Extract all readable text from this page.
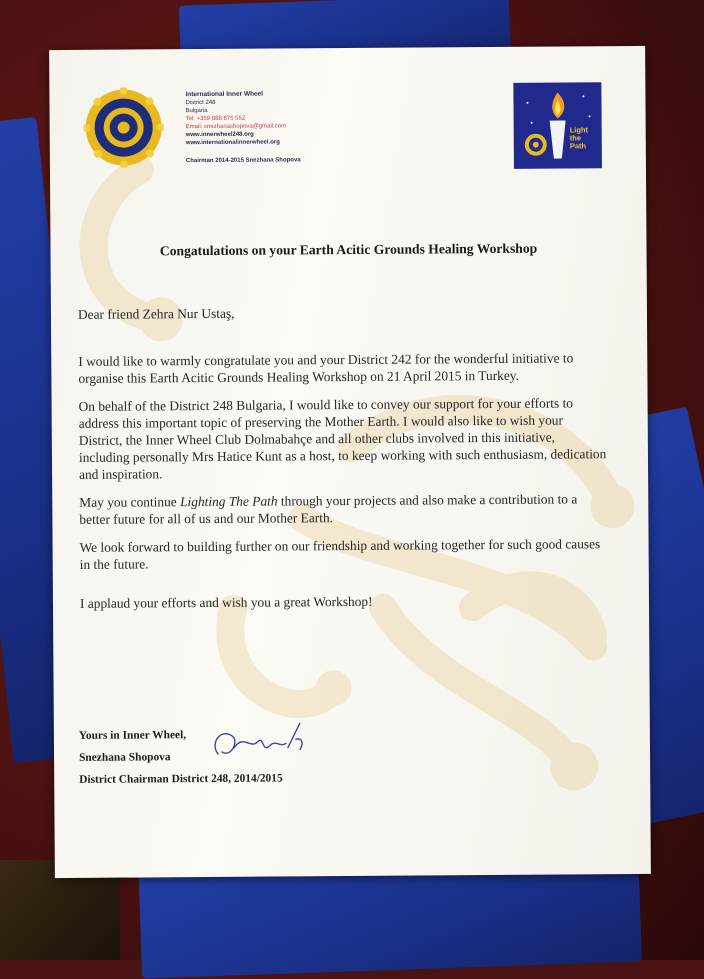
International Inner Wheel
District 248
Bulgaria
Tel: +359 888 875 552
Email: snezhanashopova@gmail.com
www.innerwheel248.org
www.internationalinnerwheel.org
Chairman 2014-2015 Snezhana Shopova
Light
the
Path
Congatulations on your Earth Acitic Grounds Healing Workshop

Dear friend Zehra Nur Ustaş,

I would like to warmly congratulate you and your District 242 for the wonderful initiative to organise this Earth Acitic Grounds Healing Workshop on 21 April 2015 in Turkey.

On behalf of the District 248 Bulgaria, I would like to convey our support for your efforts to address this important topic of preserving the Mother Earth. I would also like to wish your District, the Inner Wheel Club Dolmabahçe and all other clubs involved in this initiative, including personally Mrs Hatice Kunt as a host, to keep working with such enthusiasm, dedication and inspiration.

May you continue Lighting The Path through your projects and also make a contribution to a better future for all of us and our Mother Earth.

We look forward to building further on our friendship and working together for such good causes in the future.

I applaud your efforts and wish you a great Workshop!

Yours in Inner Wheel,
Snezhana Shopova
District Chairman District 248, 2014/2015
